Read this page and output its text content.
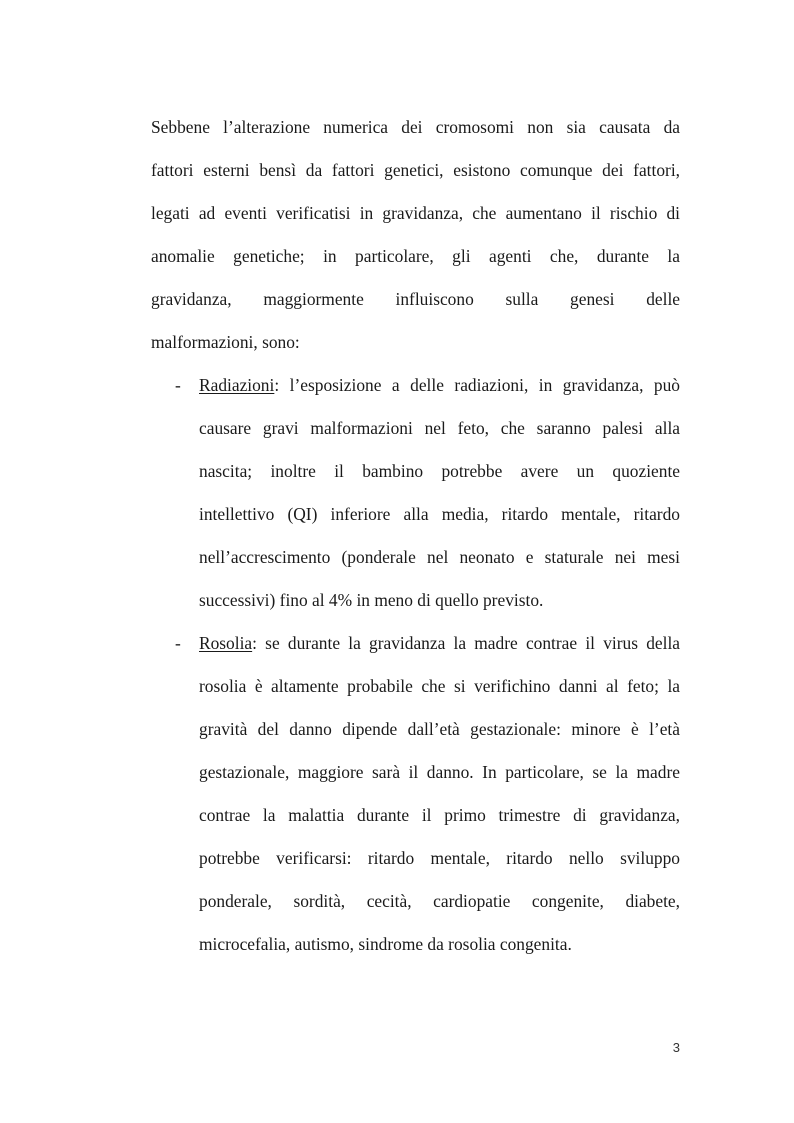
Sebbene l’alterazione numerica dei cromosomi non sia causata da
fattori esterni bensì da fattori genetici, esistono comunque dei fattori,
legati ad eventi verificatisi in gravidanza, che aumentano il rischio di
anomalie genetiche; in particolare, gli agenti che, durante la
gravidanza, maggiormente influiscono sulla genesi delle
malformazioni, sono:
- Radiazioni: l’esposizione a delle radiazioni, in gravidanza, può
causare gravi malformazioni nel feto, che saranno palesi alla
nascita; inoltre il bambino potrebbe avere un quoziente
intellettivo (QI) inferiore alla media, ritardo mentale, ritardo
nell’accrescimento (ponderale nel neonato e staturale nei mesi
successivi) fino al 4% in meno di quello previsto.
- Rosolia: se durante la gravidanza la madre contrae il virus della
rosolia è altamente probabile che si verifichino danni al feto; la
gravità del danno dipende dall’età gestazionale: minore è l’età
gestazionale, maggiore sarà il danno. In particolare, se la madre
contrae la malattia durante il primo trimestre di gravidanza,
potrebbe verificarsi: ritardo mentale, ritardo nello sviluppo
ponderale, sordità, cecità, cardiopatie congenite, diabete,
microcefalia, autismo, sindrome da rosolia congenita.
3
